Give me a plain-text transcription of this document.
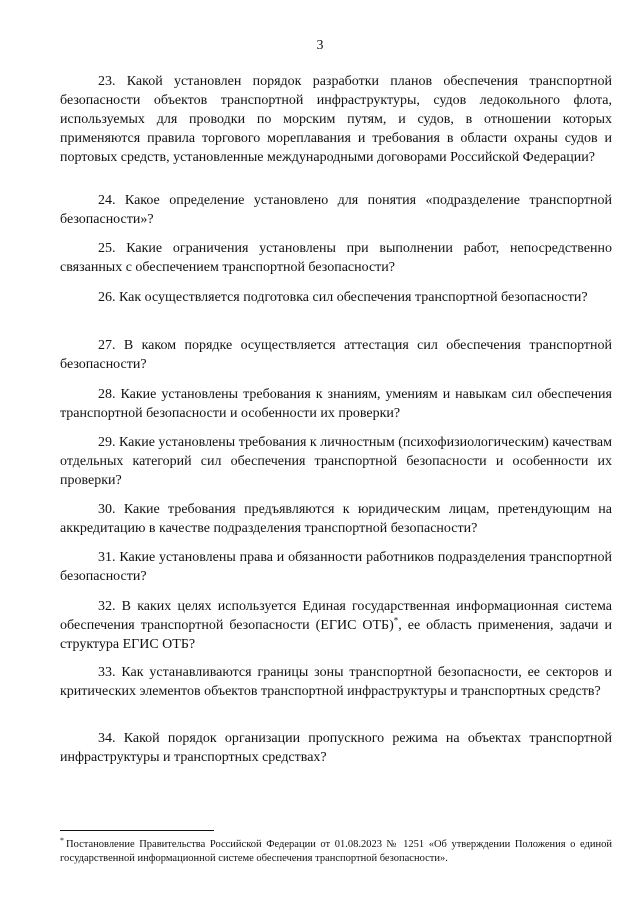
3

23. Какой установлен порядок разработки планов обеспечения транспортной безопасности объектов транспортной инфраструктуры, судов ледокольного флота, используемых для проводки по морским путям, и судов, в отношении которых применяются правила торгового мореплавания и требования в области охраны судов и портовых средств, установленные международными договорами Российской Федерации?

24. Какое определение установлено для понятия «подразделение транспортной безопасности»?

25. Какие ограничения установлены при выполнении работ, непосредственно связанных с обеспечением транспортной безопасности?

26. Как осуществляется подготовка сил обеспечения транспортной безопасности?

27. В каком порядке осуществляется аттестация сил обеспечения транспортной безопасности?

28. Какие установлены требования к знаниям, умениям и навыкам сил обеспечения транспортной безопасности и особенности их проверки?

29. Какие установлены требования к личностным (психофизиологическим) качествам отдельных категорий сил обеспечения транспортной безопасности и особенности их проверки?

30. Какие требования предъявляются к юридическим лицам, претендующим на аккредитацию в качестве подразделения транспортной безопасности?

31. Какие установлены права и обязанности работников подразделения транспортной безопасности?

32. В каких целях используется Единая государственная информационная система обеспечения транспортной безопасности (ЕГИС ОТБ)*, ее область применения, задачи и структура ЕГИС ОТБ?

33. Как устанавливаются границы зоны транспортной безопасности, ее секторов и критических элементов объектов транспортной инфраструктуры и транспортных средств?

34. Какой порядок организации пропускного режима на объектах транспортной инфраструктуры и транспортных средствах?

* Постановление Правительства Российской Федерации от 01.08.2023 № 1251 «Об утверждении Положения о единой государственной информационной системе обеспечения транспортной безопасности».
